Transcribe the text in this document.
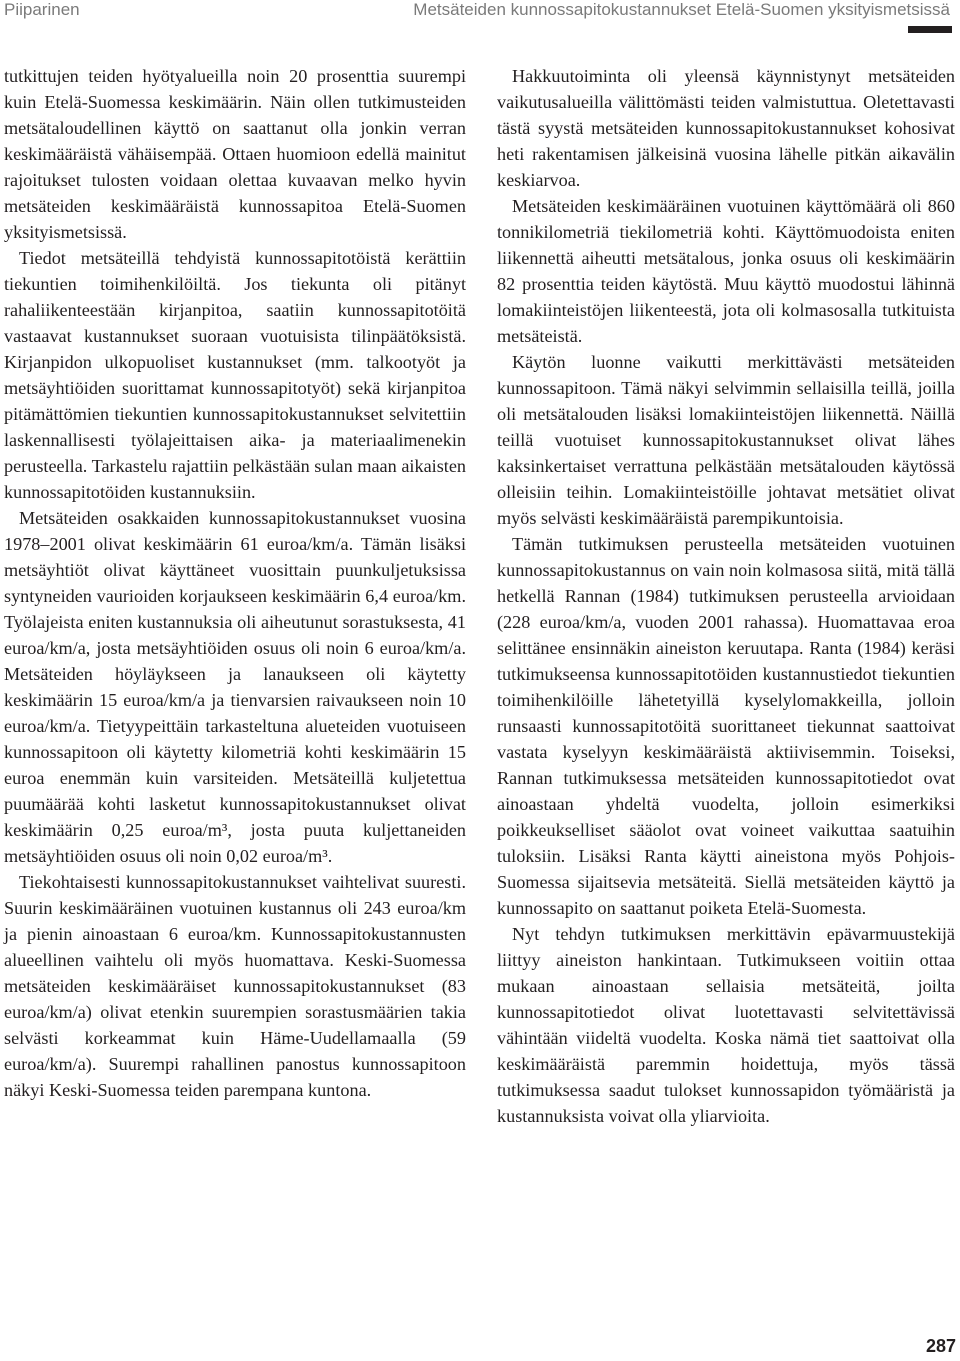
Piiparinen	Metsäteiden kunnossapitokustannukset Etelä-Suomen yksityismetsissä

tutkittujen teiden hyötyalueilla noin 20 prosenttia suurempi kuin Etelä-Suomessa keskimäärin. Näin ollen tutkimusteiden metsätaloudellinen käyttö on saattanut olla jonkin verran keskimääräistä vähäisempää. Ottaen huomioon edellä mainitut rajoitukset tulosten voidaan olettaa kuvaavan melko hyvin metsäteiden keskimääräistä kunnossapitoa Etelä-Suomen yksityismetsissä.

Tiedot metsäteillä tehdyistä kunnossapitotöistä kerättiin tiekuntien toimihenkilöiltä. Jos tiekunta oli pitänyt rahaliikenteestään kirjanpitoa, saatiin kunnossapitotöitä vastaavat kustannukset suoraan vuotuisista tilinpäätöksistä. Kirjanpidon ulkopuoliset kustannukset (mm. talkootyöt ja metsäyhtiöiden suorittamat kunnossapitotyöt) sekä kirjanpitoa pitämättömien tiekuntien kunnossapitokustannukset selvitettiin laskennallisesti työlajeittaisen aika- ja materiaalimenekin perusteella. Tarkastelu rajattiin pelkästään sulan maan aikaisten kunnossapitotöiden kustannuksiin.

Metsäteiden osakkaiden kunnossapitokustannukset vuosina 1978–2001 olivat keskimäärin 61 euroa/km/a. Tämän lisäksi metsäyhtiöt olivat käyttäneet vuosittain puunkuljetuksissa syntyneiden vaurioiden korjaukseen keskimäärin 6,4 euroa/km. Työlajeista eniten kustannuksia oli aiheutunut sorastuksesta, 41 euroa/km/a, josta metsäyhtiöiden osuus oli noin 6 euroa/km/a. Metsäteiden höyläykseen ja lanaukseen oli käytetty keskimäärin 15 euroa/km/a ja tienvarsien raivaukseen noin 10 euroa/km/a. Tietyypeittäin tarkasteltuna alueteiden vuotuiseen kunnossapitoon oli käytetty kilometriä kohti keskimäärin 15 euroa enemmän kuin varsiteiden. Metsäteillä kuljetettua puumäärää kohti lasketut kunnossapitokustannukset olivat keskimäärin 0,25 euroa/m³, josta puuta kuljettaneiden metsäyhtiöiden osuus oli noin 0,02 euroa/m³.

Tiekohtaisesti kunnossapitokustannukset vaihtelivat suuresti. Suurin keskimääräinen vuotuinen kustannus oli 243 euroa/km ja pienin ainoastaan 6 euroa/km. Kunnossapitokustannusten alueellinen vaihtelu oli myös huomattava. Keski-Suomessa metsäteiden keskimääräiset kunnossapitokustannukset (83 euroa/km/a) olivat etenkin suurempien sorastusmäärien takia selvästi korkeammat kuin Häme-Uudellamaalla (59 euroa/km/a). Suurempi rahallinen panostus kunnossapitoon näkyi Keski-Suomessa teiden parempana kuntona.

Hakkuutoiminta oli yleensä käynnistynyt metsäteiden vaikutusalueilla välittömästi teiden valmistuttua. Oletettavasti tästä syystä metsäteiden kunnossapitokustannukset kohosivat heti rakentamisen jälkeisinä vuosina lähelle pitkän aikavälin keskiarvoa.

Metsäteiden keskimääräinen vuotuinen käyttömäärä oli 860 tonnikilometriä tiekilometriä kohti. Käyttömuodoista eniten liikennettä aiheutti metsätalous, jonka osuus oli keskimäärin 82 prosenttia teiden käytöstä. Muu käyttö muodostui lähinnä lomakiinteistöjen liikenteestä, jota oli kolmasosalla tutkituista metsäteistä.

Käytön luonne vaikutti merkittävästi metsäteiden kunnossapitoon. Tämä näkyi selvimmin sellaisilla teillä, joilla oli metsätalouden lisäksi lomakiinteistöjen liikennettä. Näillä teillä vuotuiset kunnossapitokustannukset olivat lähes kaksinkertaiset verrattuna pelkästään metsätalouden käytössä olleisiin teihin. Lomakiinteistöille johtavat metsätiet olivat myös selvästi keskimääräistä parempikuntoisia.

Tämän tutkimuksen perusteella metsäteiden vuotuinen kunnossapitokustannus on vain noin kolmasosa siitä, mitä tällä hetkellä Rannan (1984) tutkimuksen perusteella arvioidaan (228 euroa/km/a, vuoden 2001 rahassa). Huomattavaa eroa selittänee ensinnäkin aineiston keruutapa. Ranta (1984) keräsi tutkimukseensa kunnossapitotöiden kustannustiedot tiekuntien toimihenkilöille lähetetyillä kyselylomakkeilla, jolloin runsaasti kunnossapitotöitä suorittaneet tiekunnat saattoivat vastata kyselyyn keskimääräistä aktiivisemmin. Toiseksi, Rannan tutkimuksessa metsäteiden kunnossapitotiedot ovat ainoastaan yhdeltä vuodelta, jolloin esimerkiksi poikkeukselliset sääolot ovat voineet vaikuttaa saatuihin tuloksiin. Lisäksi Ranta käytti aineistona myös Pohjois-Suomessa sijaitsevia metsäteitä. Siellä metsäteiden käyttö ja kunnossapito on saattanut poiketa Etelä-Suomesta.

Nyt tehdyn tutkimuksen merkittävin epävarmuustekijä liittyy aineiston hankintaan. Tutkimukseen voitiin ottaa mukaan ainoastaan sellaisia metsäteitä, joilta kunnossapitotiedot olivat luotettavasti selvitettävissä vähintään viideltä vuodelta. Koska nämä tiet saattoivat olla keskimääräistä paremmin hoidettuja, myös tässä tutkimuksessa saadut tulokset kunnossapidon työmääristä ja kustannuksista voivat olla yliarvioita.

287
